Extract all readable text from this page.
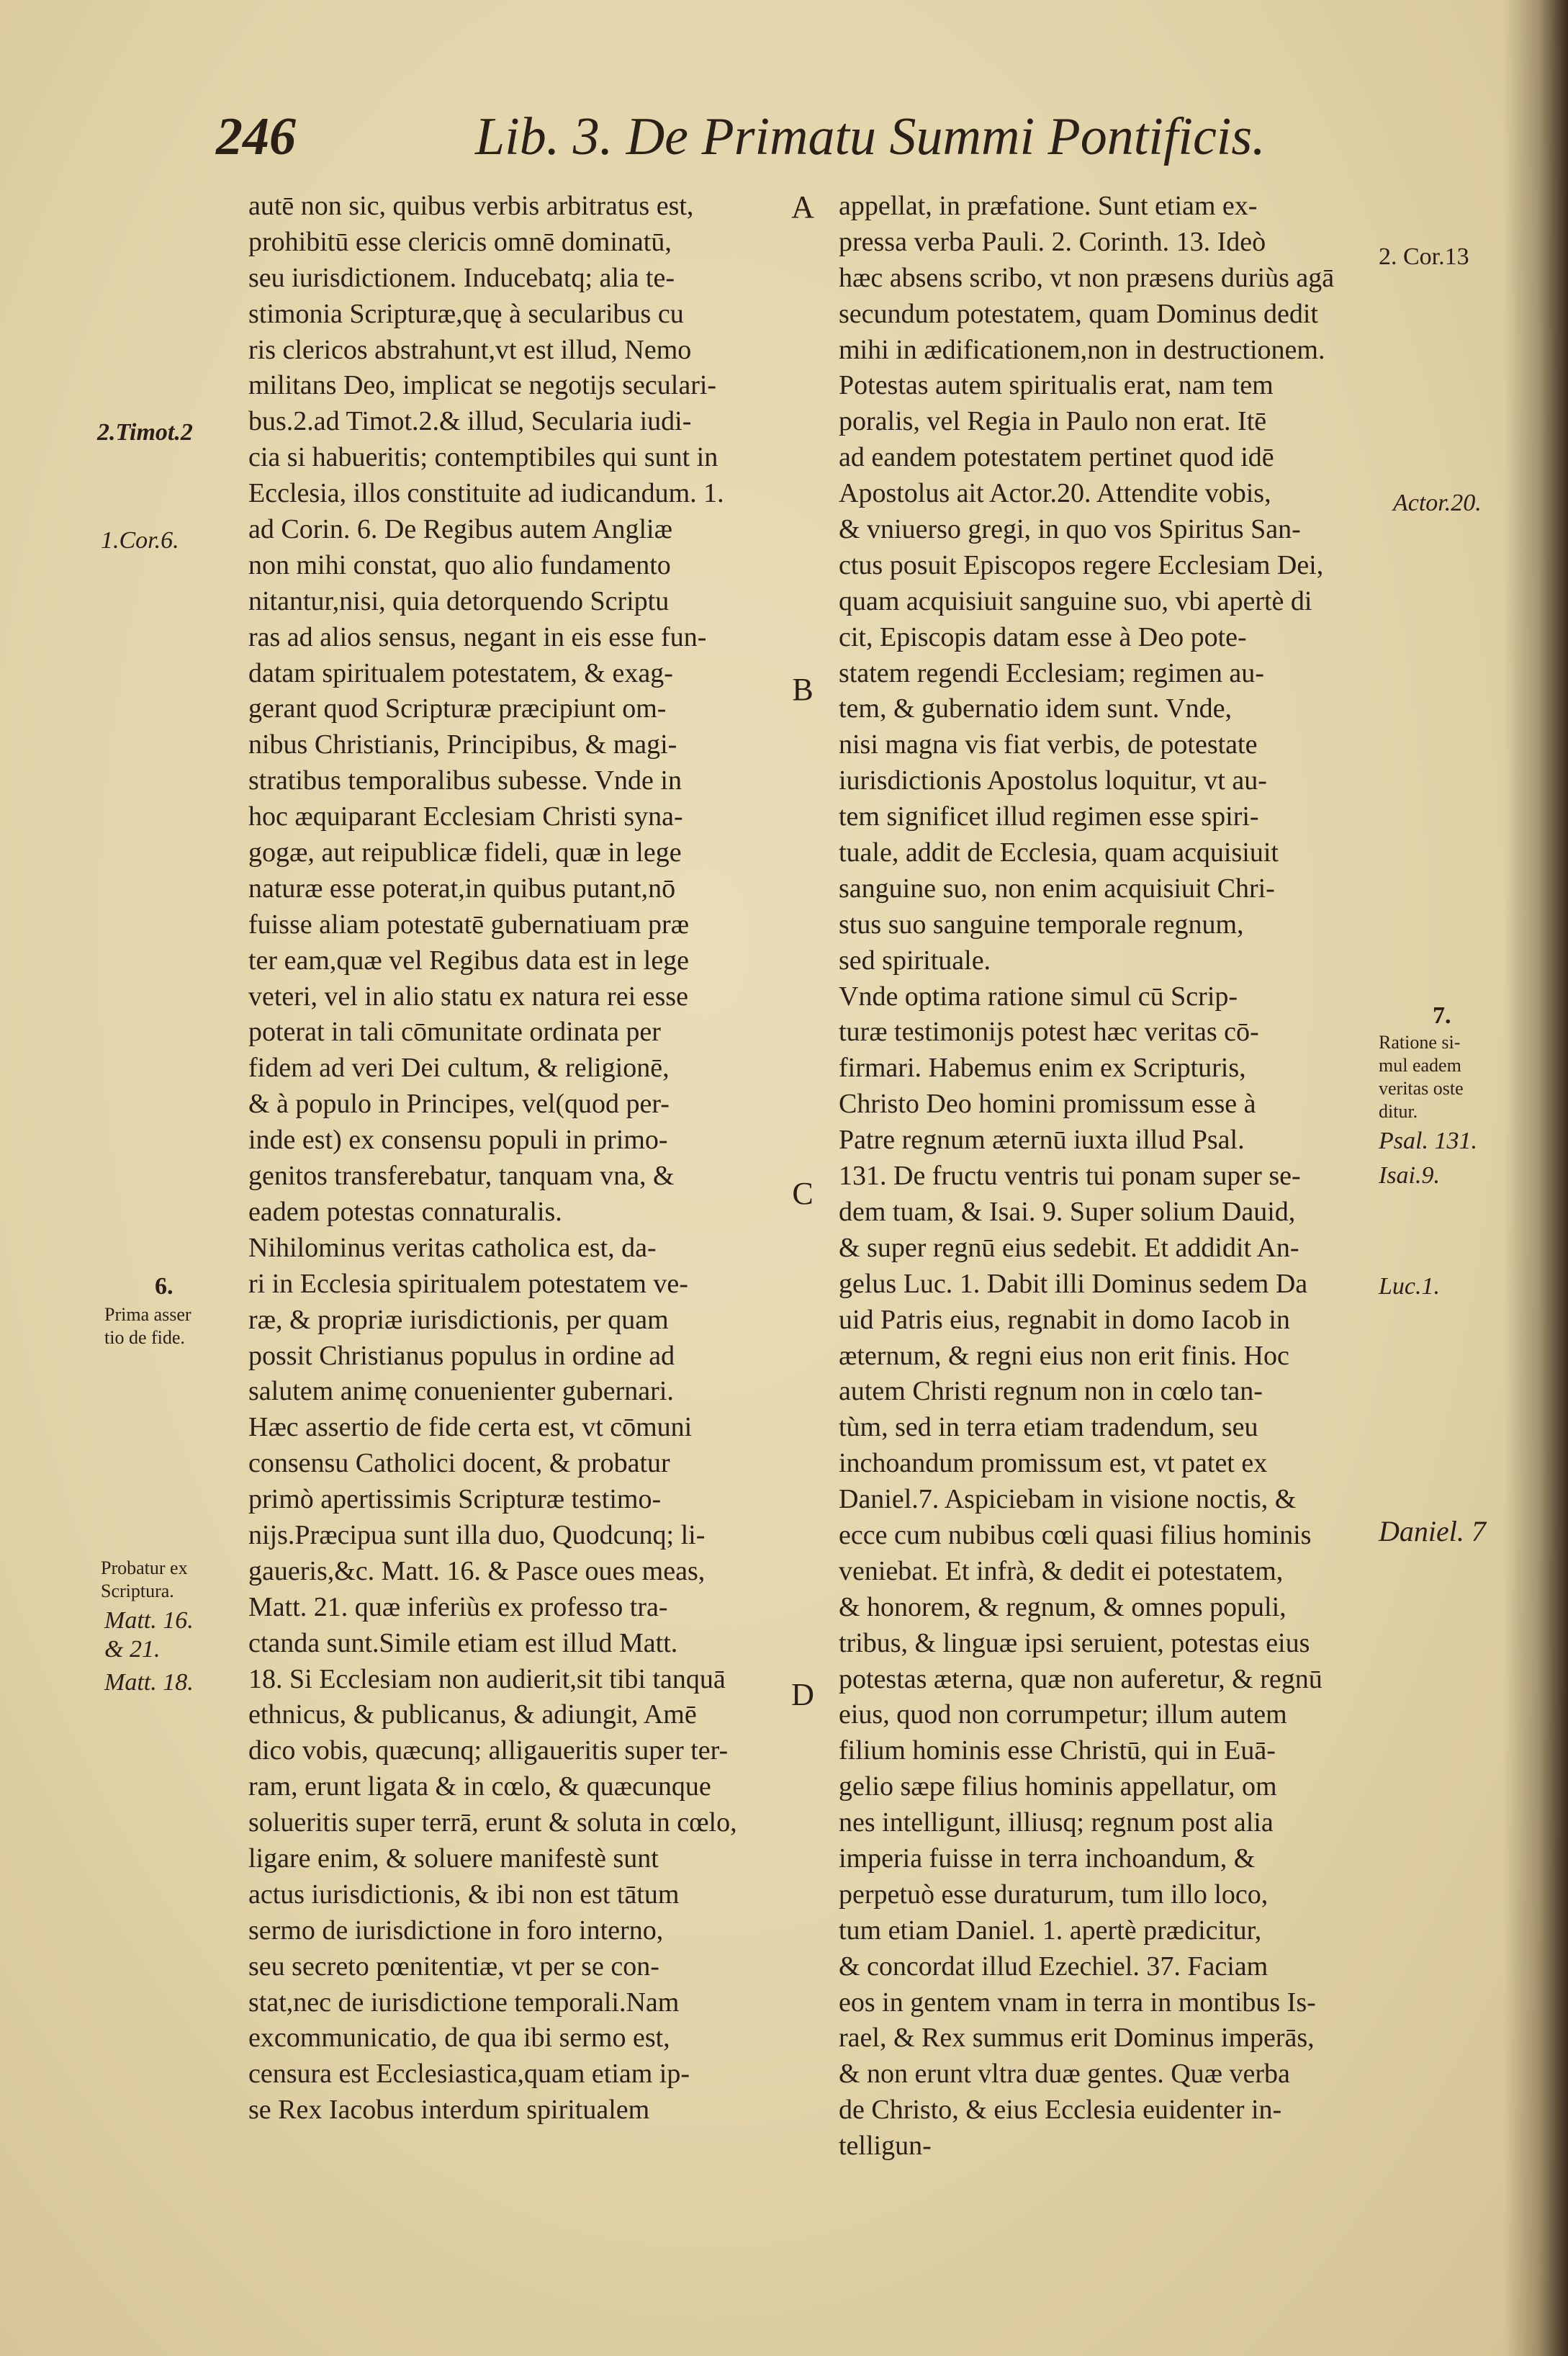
246	Lib. 3. De Primatu Summi Pontificis.
autē non sic, quibus verbis arbitratus est,
prohibitū esse clericis omnē dominatū,
seu iurisdictionem. Inducebatq; alia te-
stimonia Scripturæ,quę à secularibus cu
ris clericos abstrahunt,vt est illud, Nemo
militans Deo, implicat se negotijs seculari-
bus.2.ad Timot.2.& illud, Secularia iudi-
cia si habueritis; contemptibiles qui sunt in
Ecclesia, illos constituite ad iudicandum. 1.
ad Corin. 6. De Regibus autem Angliæ
non mihi constat, quo alio fundamento
nitantur,nisi, quia detorquendo Scriptu
ras ad alios sensus, negant in eis esse fun-
datam spiritualem potestatem, & exag-
gerant quod Scripturæ præcipiunt om-
nibus Christianis, Principibus, & magi-
stratibus temporalibus subesse. Vnde in
hoc æquiparant Ecclesiam Christi syna-
gogæ, aut reipublicæ fideli, quæ in lege
naturæ esse poterat,in quibus putant,nō
fuisse aliam potestatē gubernatiuam præ
ter eam,quæ vel Regibus data est in lege
veteri, vel in alio statu ex natura rei esse
poterat in tali cōmunitate ordinata per
fidem ad veri Dei cultum, & religionē,
& à populo in Principes, vel(quod per-
inde est) ex consensu populi in primo-
genitos transferebatur, tanquam vna, &
eadem potestas connaturalis.
Nihilominus veritas catholica est, da-
ri in Ecclesia spiritualem potestatem ve-
ræ, & propriæ iurisdictionis, per quam
possit Christianus populus in ordine ad
salutem animę conuenienter gubernari.
Hæc assertio de fide certa est, vt cōmuni
consensu Catholici docent, & probatur
primò apertissimis Scripturæ testimo-
nijs.Præcipua sunt illa duo, Quodcunq; li-
gaueris,&c. Matt. 16. & Pasce oues meas,
Matt. 21. quæ inferiùs ex professo tra-
ctanda sunt.Simile etiam est illud Matt.
18. Si Ecclesiam non audierit,sit tibi tanquā
ethnicus, & publicanus, & adiungit, Amē
dico vobis, quæcunq; alligaueritis super ter-
ram, erunt ligata & in cœlo, & quæcunque
solueritis super terrā, erunt & soluta in cœlo,
ligare enim, & soluere manifestè sunt
actus iurisdictionis, & ibi non est tātum
sermo de iurisdictione in foro interno,
seu secreto pœnitentiæ, vt per se con-
stat,nec de iurisdictione temporali.Nam
excommunicatio, de qua ibi sermo est,
censura est Ecclesiastica,quam etiam ip-
se Rex Iacobus interdum spiritualem
appellat, in præfatione. Sunt etiam ex-
pressa verba Pauli. 2. Corinth. 13. Ideò
hæc absens scribo, vt non præsens duriùs agā
secundum potestatem, quam Dominus dedit
mihi in ædificationem,non in destructionem.
Potestas autem spiritualis erat, nam tem
poralis, vel Regia in Paulo non erat. Itē
ad eandem potestatem pertinet quod idē
Apostolus ait Actor.20. Attendite vobis,
& vniuerso gregi, in quo vos Spiritus San-
ctus posuit Episcopos regere Ecclesiam Dei,
quam acquisiuit sanguine suo, vbi apertè di
cit, Episcopis datam esse à Deo pote-
statem regendi Ecclesiam; regimen au-
tem, & gubernatio idem sunt. Vnde,
nisi magna vis fiat verbis, de potestate
iurisdictionis Apostolus loquitur, vt au-
tem significet illud regimen esse spiri-
tuale, addit de Ecclesia, quam acquisiuit
sanguine suo, non enim acquisiuit Chri-
stus suo sanguine temporale regnum,
sed spirituale.
Vnde optima ratione simul cū Scrip-
turæ testimonijs potest hæc veritas cō-
firmari. Habemus enim ex Scripturis,
Christo Deo homini promissum esse à
Patre regnum æternū iuxta illud Psal.
131. De fructu ventris tui ponam super se-
dem tuam, & Isai. 9. Super solium Dauid,
& super regnū eius sedebit. Et addidit An-
gelus Luc. 1. Dabit illi Dominus sedem Da
uid Patris eius, regnabit in domo Iacob in
æternum, & regni eius non erit finis. Hoc
autem Christi regnum non in cœlo tan-
tùm, sed in terra etiam tradendum, seu
inchoandum promissum est, vt patet ex
Daniel.7. Aspiciebam in visione noctis, &
ecce cum nubibus cœli quasi filius hominis
veniebat. Et infrà, & dedit ei potestatem,
& honorem, & regnum, & omnes populi,
tribus, & linguæ ipsi seruient, potestas eius
potestas æterna, quæ non auferetur, & regnū
eius, quod non corrumpetur; illum autem
filium hominis esse Christū, qui in Euā-
gelio sæpe filius hominis appellatur, om
nes intelligunt, illiusq; regnum post alia
imperia fuisse in terra inchoandum, &
perpetuò esse duraturum, tum illo loco,
tum etiam Daniel. 1. apertè prædicitur,
& concordat illud Ezechiel. 37. Faciam
eos in gentem vnam in terra in montibus Is-
rael, & Rex summus erit Dominus imperās,
& non erunt vltra duæ gentes. Quæ verba
de Christo, & eius Ecclesia euidenter in-
telligun-
A
B
C
D
2.Timot.2
1.Cor.6.
6.
Prima asser
tio de fide.
Probatur ex
Scriptura.
Matt. 16.
& 21.
Matt. 18.
2. Cor.13
Actor.20.
7.
Ratione si-
mul eadem
veritas oste
ditur.
Psal. 131.
Isai.9.
Luc.1.
Daniel. 7
